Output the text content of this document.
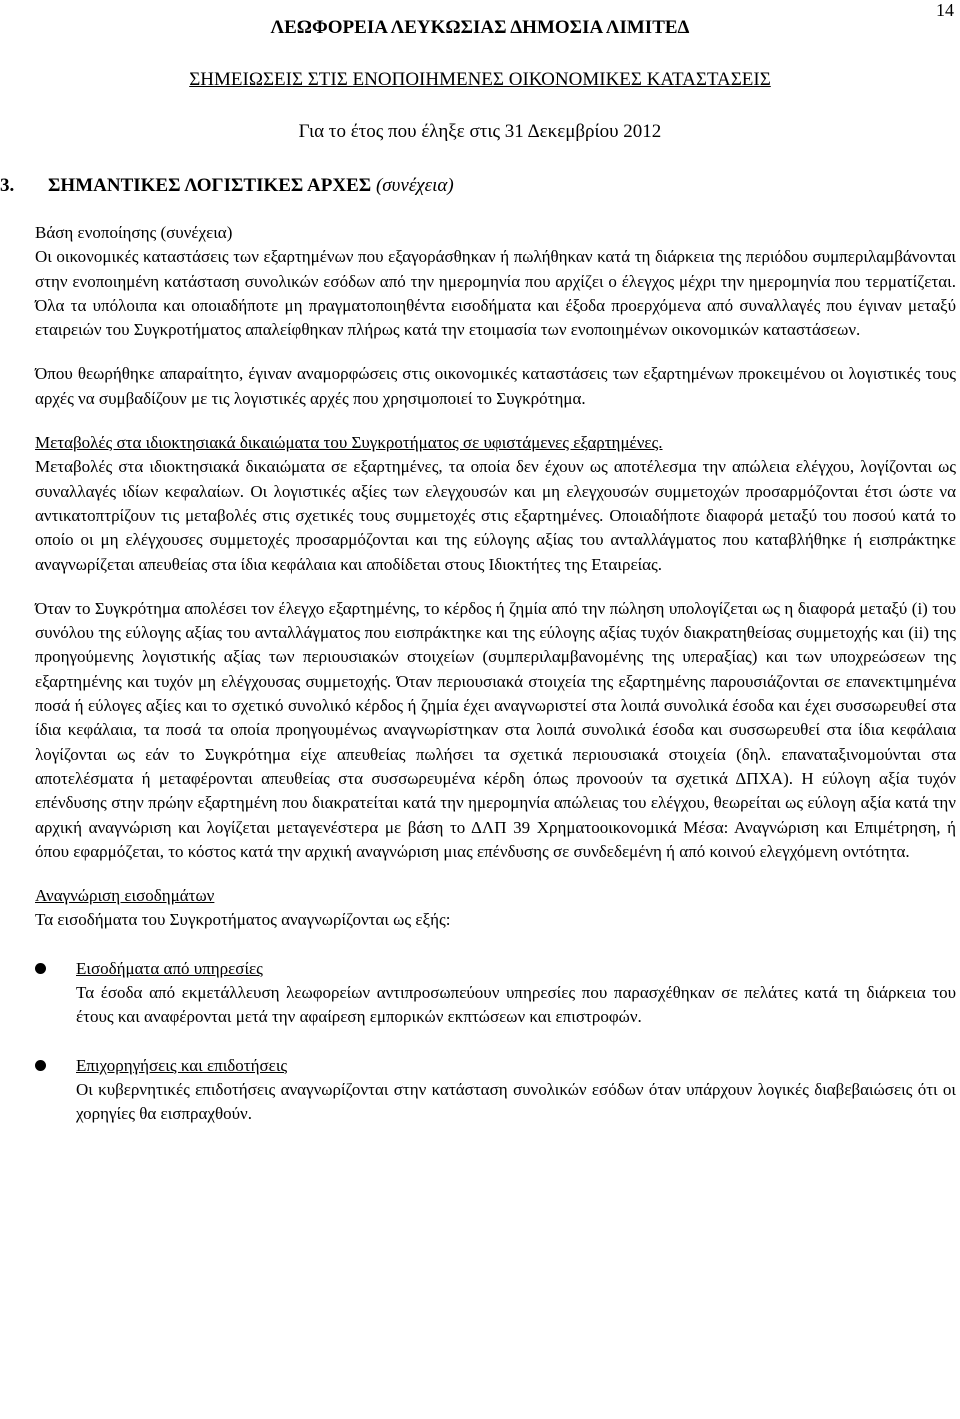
14
ΛΕΩΦΟΡΕΙΑ ΛΕΥΚΩΣΙΑΣ ΔΗΜΟΣΙΑ ΛΙΜΙΤΕΔ
ΣΗΜΕΙΩΣΕΙΣ ΣΤΙΣ ΕΝΟΠΟΙΗΜΕΝΕΣ ΟΙΚΟΝΟΜΙΚΕΣ ΚΑΤΑΣΤΑΣΕΙΣ
Για το έτος που έληξε στις 31 Δεκεμβρίου 2012
3. ΣΗΜΑΝΤΙΚΕΣ ΛΟΓΙΣΤΙΚΕΣ ΑΡΧΕΣ (συνέχεια)

Βάση ενοποίησης (συνέχεια)

Οι οικονομικές καταστάσεις των εξαρτημένων που εξαγοράσθηκαν ή πωλήθηκαν κατά τη διάρκεια της περιόδου συμπεριλαμβάνονται στην ενοποιημένη κατάσταση συνολικών εσόδων από την ημερομηνία που αρχίζει ο έλεγχος μέχρι την ημερομηνία που τερματίζεται. Όλα τα υπόλοιπα και οποιαδήποτε μη πραγματοποιηθέντα εισοδήματα και έξοδα προερχόμενα από συναλλαγές που έγιναν μεταξύ εταιρειών του Συγκροτήματος απαλείφθηκαν πλήρως κατά την ετοιμασία των ενοποιημένων οικονομικών καταστάσεων.

Όπου θεωρήθηκε απαραίτητο, έγιναν αναμορφώσεις στις οικονομικές καταστάσεις των εξαρτημένων προκειμένου οι λογιστικές τους αρχές να συμβαδίζουν με τις λογιστικές αρχές που χρησιμοποιεί το Συγκρότημα.

Μεταβολές στα ιδιοκτησιακά δικαιώματα του Συγκροτήματος σε υφιστάμενες εξαρτημένες.

Μεταβολές στα ιδιοκτησιακά δικαιώματα σε εξαρτημένες, τα οποία δεν έχουν ως αποτέλεσμα την απώλεια ελέγχου, λογίζονται ως συναλλαγές ιδίων κεφαλαίων. Οι λογιστικές αξίες των ελεγχουσών και μη ελεγχουσών συμμετοχών προσαρμόζονται έτσι ώστε να αντικατοπτρίζουν τις μεταβολές στις σχετικές τους συμμετοχές στις εξαρτημένες. Οποιαδήποτε διαφορά μεταξύ του ποσού κατά το οποίο οι μη ελέγχουσες συμμετοχές προσαρμόζονται και της εύλογης αξίας του ανταλλάγματος που καταβλήθηκε ή εισπράκτηκε αναγνωρίζεται απευθείας στα ίδια κεφάλαια και αποδίδεται στους Ιδιοκτήτες της Εταιρείας.

Όταν το Συγκρότημα απολέσει τον έλεγχο εξαρτημένης, το κέρδος ή ζημία από την πώληση υπολογίζεται ως η διαφορά μεταξύ (i) του συνόλου της εύλογης αξίας του ανταλλάγματος που εισπράκτηκε και της εύλογης αξίας τυχόν διακρατηθείσας συμμετοχής και (ii) της προηγούμενης λογιστικής αξίας των περιουσιακών στοιχείων (συμπεριλαμβανομένης της υπεραξίας) και των υποχρεώσεων της εξαρτημένης και τυχόν μη ελέγχουσας συμμετοχής. Όταν περιουσιακά στοιχεία της εξαρτημένης παρουσιάζονται σε επανεκτιμημένα ποσά ή εύλογες αξίες και το σχετικό συνολικό κέρδος ή ζημία έχει αναγνωριστεί στα λοιπά συνολικά έσοδα και έχει συσσωρευθεί στα ίδια κεφάλαια, τα ποσά τα οποία προηγουμένως αναγνωρίστηκαν στα λοιπά συνολικά έσοδα και συσσωρευθεί στα ίδια κεφάλαια λογίζονται ως εάν το Συγκρότημα είχε απευθείας πωλήσει τα σχετικά περιουσιακά στοιχεία (δηλ. επαναταξινομούνται στα αποτελέσματα ή μεταφέρονται απευθείας στα συσσωρευμένα κέρδη όπως προνοούν τα σχετικά ΔΠΧΑ). Η εύλογη αξία τυχόν επένδυσης στην πρώην εξαρτημένη που διακρατείται κατά την ημερομηνία απώλειας του ελέγχου, θεωρείται ως εύλογη αξία κατά την αρχική αναγνώριση και λογίζεται μεταγενέστερα με βάση το ΔΛΠ 39 Χρηματοοικονομικά Μέσα: Αναγνώριση και Επιμέτρηση, ή όπου εφαρμόζεται, το κόστος κατά την αρχική αναγνώριση μιας επένδυσης σε συνδεδεμένη ή από κοινού ελεγχόμενη οντότητα.

Αναγνώριση εισοδημάτων

Τα εισοδήματα του Συγκροτήματος αναγνωρίζονται ως εξής:

Εισοδήματα από υπηρεσίες

Τα έσοδα από εκμετάλλευση λεωφορείων αντιπροσωπεύουν υπηρεσίες που παρασχέθηκαν σε πελάτες κατά τη διάρκεια του έτους και αναφέρονται μετά την αφαίρεση εμπορικών εκπτώσεων και επιστροφών.

Επιχορηγήσεις και επιδοτήσεις

Οι κυβερνητικές επιδοτήσεις αναγνωρίζονται στην κατάσταση συνολικών εσόδων όταν υπάρχουν λογικές διαβεβαιώσεις ότι οι χορηγίες θα εισπραχθούν.
